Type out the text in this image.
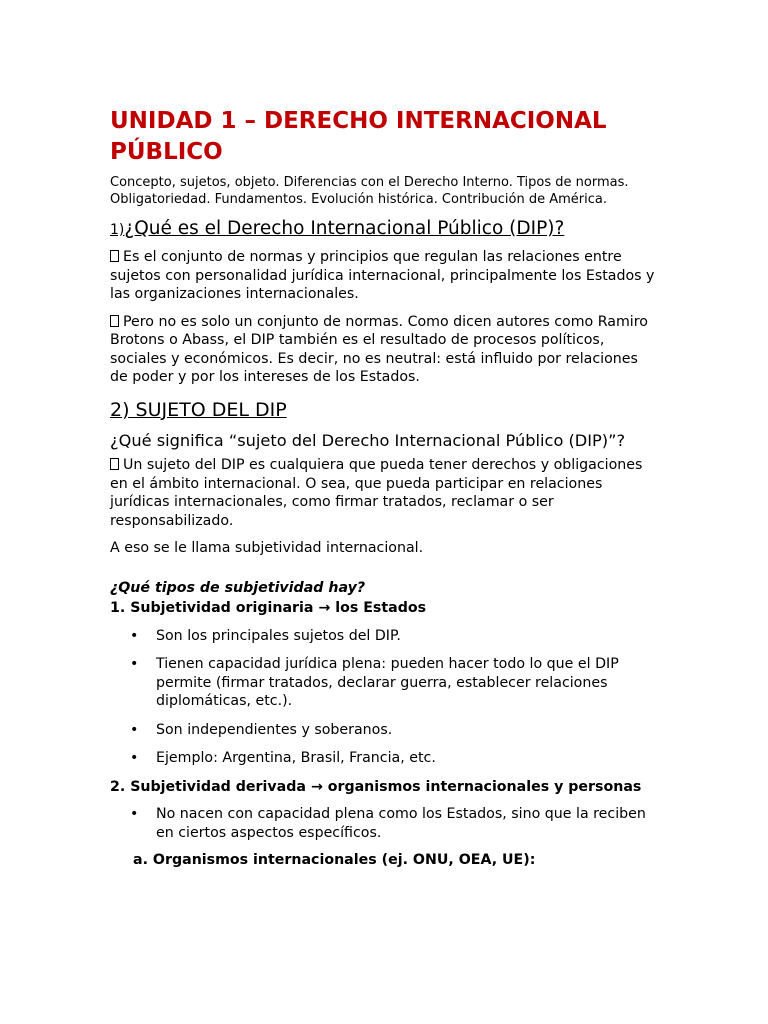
UNIDAD 1 – DERECHO INTERNACIONAL PÚBLICO

Concepto, sujetos, objeto. Diferencias con el Derecho Interno. Tipos de normas. Obligatoriedad. Fundamentos. Evolución histórica. Contribución de América.

1)¿Qué es el Derecho Internacional Público (DIP)?

Es el conjunto de normas y principios que regulan las relaciones entre sujetos con personalidad jurídica internacional, principalmente los Estados y las organizaciones internacionales.

Pero no es solo un conjunto de normas. Como dicen autores como Ramiro Brotons o Abass, el DIP también es el resultado de procesos políticos, sociales y económicos. Es decir, no es neutral: está influido por relaciones de poder y por los intereses de los Estados.

2) SUJETO DEL DIP
¿Qué significa “sujeto del Derecho Internacional Público (DIP)”?

Un sujeto del DIP es cualquiera que pueda tener derechos y obligaciones en el ámbito internacional. O sea, que pueda participar en relaciones jurídicas internacionales, como firmar tratados, reclamar o ser responsabilizado.

A eso se le llama subjetividad internacional.

¿Qué tipos de subjetividad hay?

1. Subjetividad originaria → los Estados

• Son los principales sujetos del DIP.
• Tienen capacidad jurídica plena: pueden hacer todo lo que el DIP permite (firmar tratados, declarar guerra, establecer relaciones diplomáticas, etc.).
• Son independientes y soberanos.
• Ejemplo: Argentina, Brasil, Francia, etc.

2. Subjetividad derivada → organismos internacionales y personas

• No nacen con capacidad plena como los Estados, sino que la reciben en ciertos aspectos específicos.

a. Organismos internacionales (ej. ONU, OEA, UE):
